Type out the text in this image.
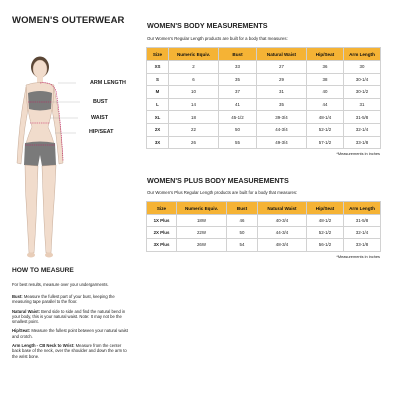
WOMEN'S OUTERWEAR
ARM LENGTH
BUST
WAIST
HIP/SEAT
HOW TO MEASURE
For best results, measure over your undergarments.
Bust: Measure the fullest part of your bust, keeping the measuring tape parallel to the floor.
Natural Waist: Bend side to side and find the natural bend in your body, this is your natural waist. Note: It may not be the smallest point.
Hip/Seat: Measure the fullest point between your natural waist and crotch.
Arm Length - CB Neck to Wrist: Measure from the center back base of the neck, over the shoulder and down the arm to the wrist bone.
WOMEN'S BODY MEASUREMENTS
Our Women's Regular Length products are built for a body that measures:
Size	Numeric Equiv.	Bust	Natural Waist	Hip/Seat	Arm Length
XS	2	33	27	36	30
S	6	35	29	38	30-1/4
M	10	37	31	40	30-1/2
L	14	41	35	44	31
XL	18	45-1/2	39-3/4	48-1/4	31-5/8
2X	22	50	44-3/4	52-1/2	32-1/4
3X	26	55	49-3/4	57-1/2	33-1/8
*Measurements in inches
WOMEN'S PLUS BODY MEASUREMENTS
Our Women's Plus Regular Length products are built for a body that measures:
Size	Numeric Equiv.	Bust	Natural Waist	Hip/Seat	Arm Length
1X Plus	18W	46	40-3/4	48-1/2	31-5/8
2X Plus	22W	50	44-3/4	52-1/2	32-1/4
3X Plus	26W	54	48-3/4	56-1/2	33-1/8
*Measurements in inches
